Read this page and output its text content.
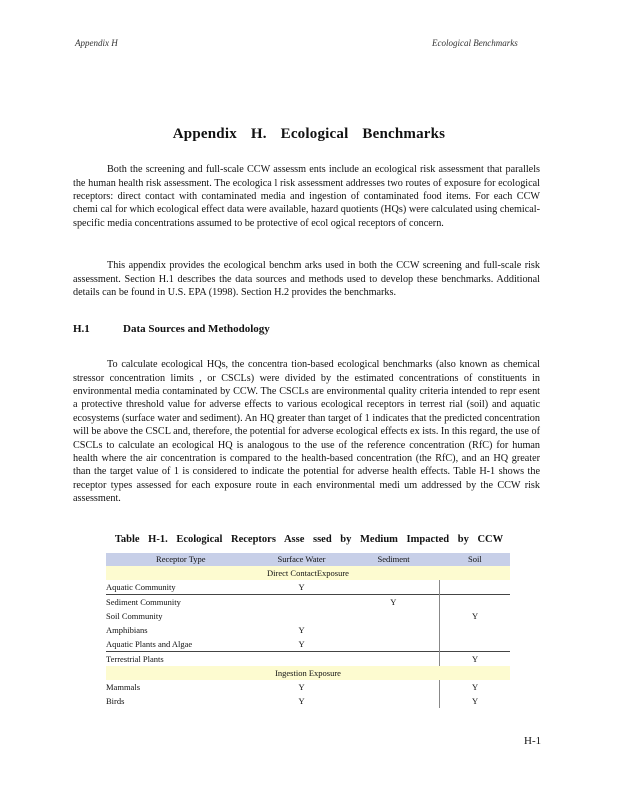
Appendix H	Ecological Benchmarks
Appendix H. Ecological Benchmarks

Both the screening and full-scale CCW assessm ents include an ecological risk assessment that parallels the human health risk assessment. The ecologica l risk assessment addresses two routes of exposure for ecological receptors: direct contact with contaminated media and ingestion of contaminated food items. For each CCW chemi cal for which ecological effect data were available, hazard quotients (HQs) were calculated using chemical-specific media concentrations assumed to be protective of ecol ogical receptors of concern.

This appendix provides the ecological benchm arks used in both the CCW screening and full-scale risk assessment. Section H.1 describes the data sources and methods used to develop these benchmarks. Additional details can be found in U.S. EPA (1998). Section H.2 provides the benchmarks.

H.1	Data Sources and Methodology

To calculate ecological HQs, the concentra tion-based ecological benchmarks (also known as chemical stressor concentration limits , or CSCLs) were divided by the estimated concentrations of constituents in environmental media contaminated by CCW. The CSCLs are environmental quality criteria intended to repr esent a protective threshold value for adverse effects to various ecological receptors in terrest rial (soil) and aquatic ecosystems (surface water and sediment). An HQ greater than target of 1 indicates that the predicted concentration will be above the CSCL and, therefore, the potential for adverse ecological effects ex ists. In this regard, the use of CSCLs to calculate an ecological HQ is analogous to the use of the reference concentration (RfC) for human health where the air concentration is compared to the health-based concentration (the RfC), and an HQ greater than the target value of 1 is considered to indicate the potential for adverse health effects. Table H-1 shows the receptor types assessed for each exposure route in each environmental medi um addressed by the CCW risk assessment.

Table H-1. Ecological Receptors Asse ssed by Medium Impacted by CCW
Receptor Type	Surface Water	Sediment	Soil
Direct ContactExposure			
Aquatic Community	Y		
Sediment Community		Y	
Soil Community			Y
Amphibians	Y		
Aquatic Plants and Algae	Y		
Terrestrial Plants			Y
Ingestion Exposure			
Mammals	Y		Y
Birds	Y		Y
H-1
